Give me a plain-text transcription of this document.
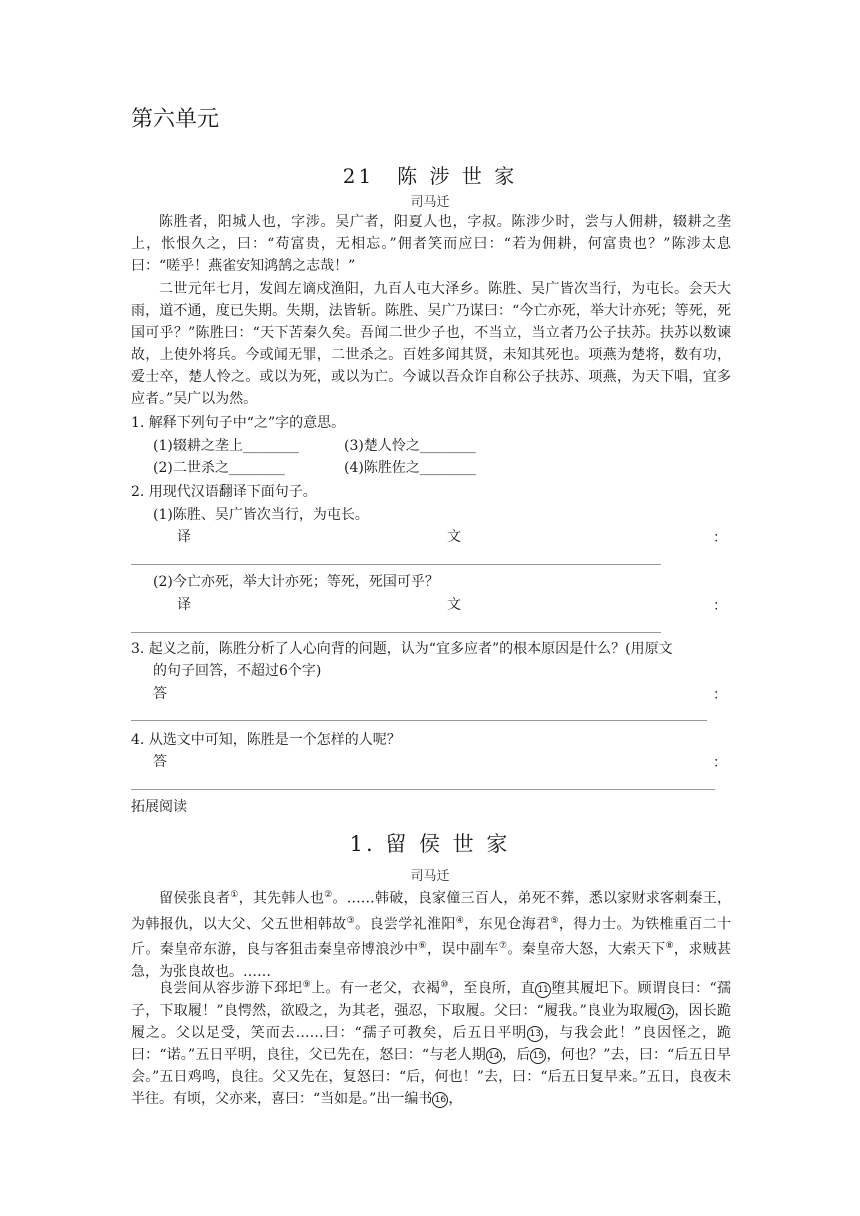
第六单元
21　陈 涉 世 家
司马迁
陈胜者，阳城人也，字涉。吴广者，阳夏人也，字叔。陈涉少时，尝与人佣耕，辍耕之垄上，怅恨久之，曰：“苟富贵，无相忘。”佣者笑而应曰：“若为佣耕，何富贵也？”陈涉太息曰：“嗟乎！燕雀安知鸿鹄之志哉！”
二世元年七月，发闾左谪戍渔阳，九百人屯大泽乡。陈胜、吴广皆次当行，为屯长。会天大雨，道不通，度已失期。失期，法皆斩。陈胜、吴广乃谋曰：“今亡亦死，举大计亦死；等死，死国可乎？”陈胜曰：“天下苦秦久矣。吾闻二世少子也，不当立，当立者乃公子扶苏。扶苏以数谏故，上使外将兵。今或闻无罪，二世杀之。百姓多闻其贤，未知其死也。项燕为楚将，数有功，爱士卒，楚人怜之。或以为死，或以为亡。今诚以吾众诈自称公子扶苏、项燕，为天下唱，宜多应者。”吴广以为然。
1. 解释下列句子中“之”字的意思。
(1)辍耕之垄上________	(3)楚人怜之________
(2)二世杀之________	(4)陈胜佐之________
2. 用现代汉语翻译下面句子。
(1)陈胜、吴广皆次当行，为屯长。
译	文	：
(2)今亡亦死，举大计亦死；等死，死国可乎？
译	文	：
3. 起义之前，陈胜分析了人心向背的问题，认为“宜多应者”的根本原因是什么？(用原文
的句子回答，不超过6个字)
答	：
4. 从选文中可知，陈胜是一个怎样的人呢？
答	：
拓展阅读
1. 留 侯 世 家
司马迁
留侯张良者①，其先韩人也②。……韩破，良家僮三百人，弟死不葬，悉以家财求客刺秦王，为韩报仇，以大父、父五世相韩故③。良尝学礼淮阳④，东见仓海君⑤，得力士。为铁椎重百二十斤。秦皇帝东游，良与客狙击秦皇帝博浪沙中⑥，误中副车⑦。秦皇帝大怒，大索天下⑧，求贼甚急，为张良故也。……
良尝间从容步游下邳圯⑨上。有一老父，衣褐⑩，至良所，直 11 堕其履圯下。顾谓良曰：“孺子，下取履！”良愕然，欲殴之，为其老，强忍，下取履。父曰：“履我。”良业为取履 12 ，因长跪履之。父以足受，笑而去……曰：“孺子可教矣，后五日平明 13 ，与我会此！”良因怪之，跪曰：“诺。”五日平明，良往，父已先在，怒曰：“与老人期 14 ，后 15 ，何也？”去，曰：“后五日早会。”五日鸡鸣，良往。父又先在，复怒曰：“后，何也！”去，曰：“后五日复早来。”五日，良夜未半往。有顷，父亦来，喜曰：“当如是。”出一编书 16 ，
